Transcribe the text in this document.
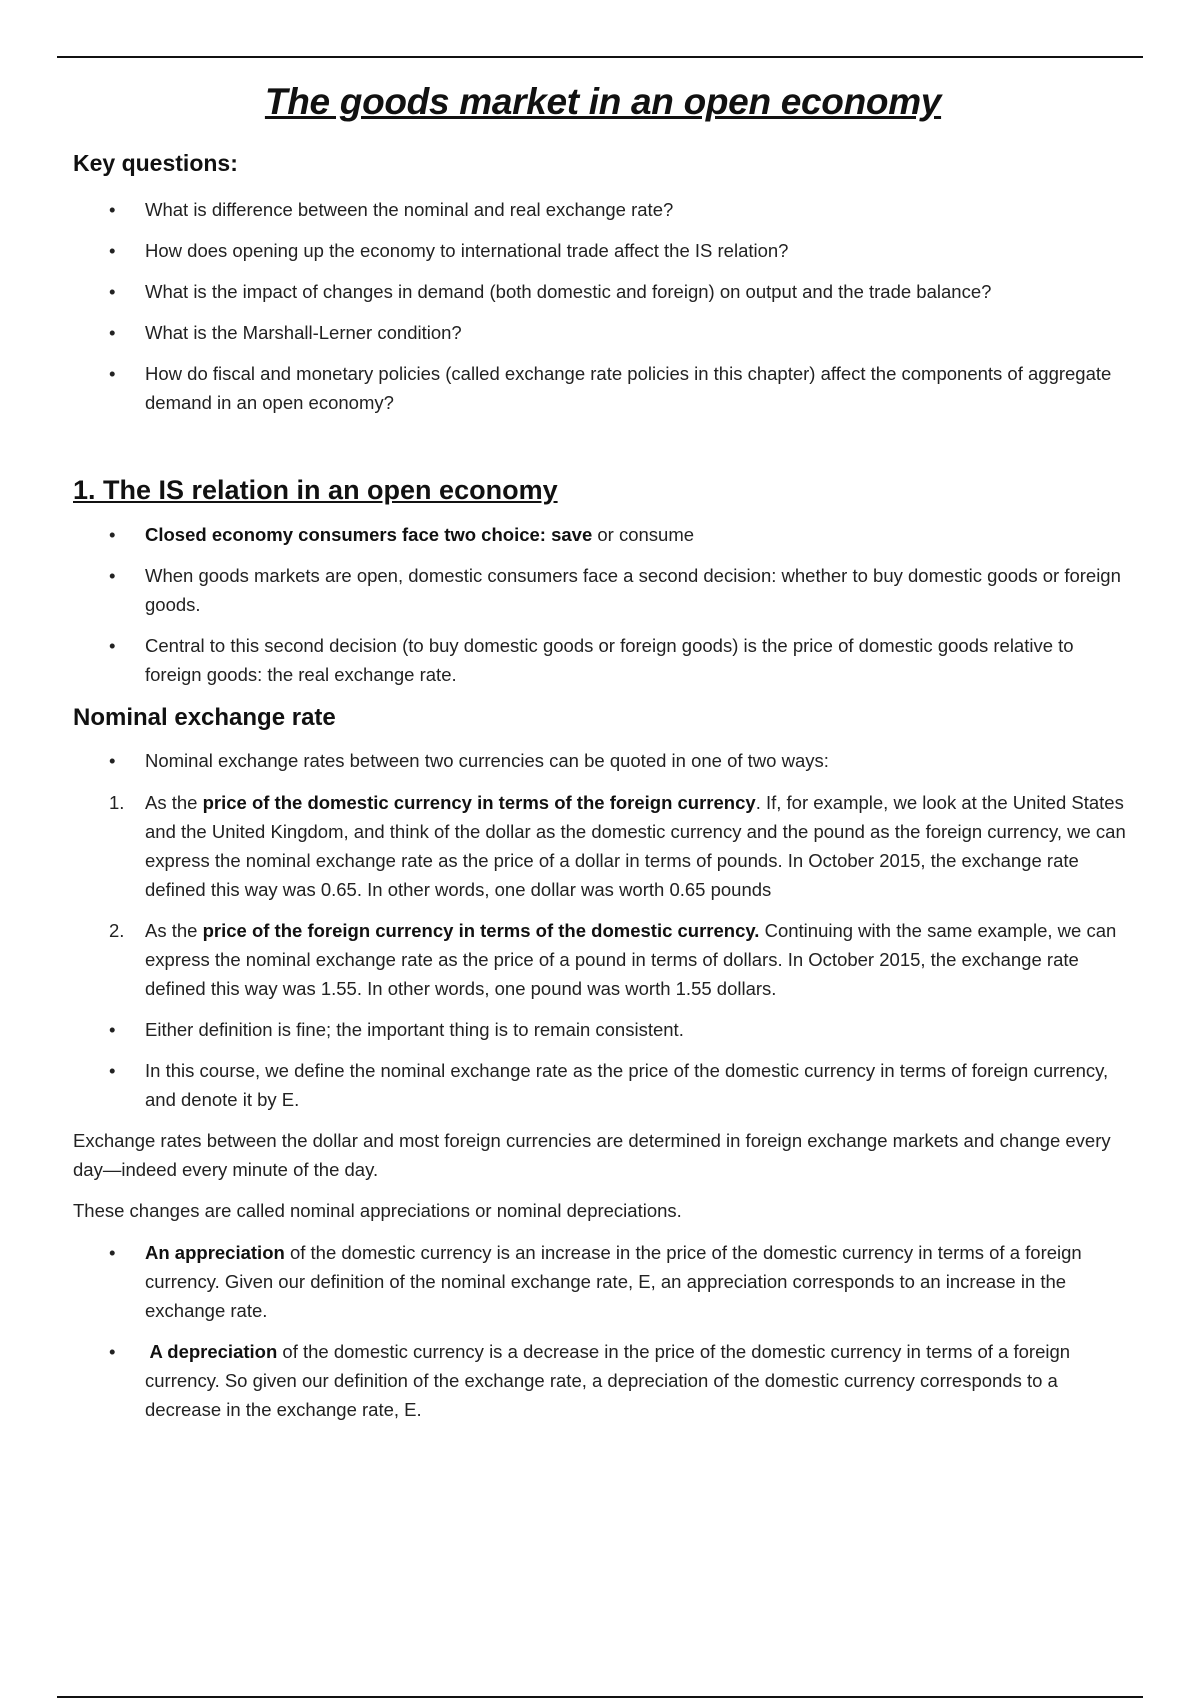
The goods market in an open economy
Key questions:
• What is difference between the nominal and real exchange rate?
• How does opening up the economy to international trade affect the IS relation?
• What is the impact of changes in demand (both domestic and foreign) on output and the trade balance?
• What is the Marshall-Lerner condition?
• How do fiscal and monetary policies (called exchange rate policies in this chapter) affect the components of aggregate demand in an open economy?
1. The IS relation in an open economy
• Closed economy consumers face two choice: save or consume
• When goods markets are open, domestic consumers face a second decision: whether to buy domestic goods or foreign goods.
• Central to this second decision (to buy domestic goods or foreign goods) is the price of domestic goods relative to foreign goods: the real exchange rate.
Nominal exchange rate
• Nominal exchange rates between two currencies can be quoted in one of two ways:
1. As the price of the domestic currency in terms of the foreign currency. If, for example, we look at the United States and the United Kingdom, and think of the dollar as the domestic currency and the pound as the foreign currency, we can express the nominal exchange rate as the price of a dollar in terms of pounds. In October 2015, the exchange rate defined this way was 0.65. In other words, one dollar was worth 0.65 pounds
2. As the price of the foreign currency in terms of the domestic currency. Continuing with the same example, we can express the nominal exchange rate as the price of a pound in terms of dollars. In October 2015, the exchange rate defined this way was 1.55. In other words, one pound was worth 1.55 dollars.
• Either definition is fine; the important thing is to remain consistent.
• In this course, we define the nominal exchange rate as the price of the domestic currency in terms of foreign currency, and denote it by E.

Exchange rates between the dollar and most foreign currencies are determined in foreign exchange markets and change every day—indeed every minute of the day.

These changes are called nominal appreciations or nominal depreciations.

• An appreciation of the domestic currency is an increase in the price of the domestic currency in terms of a foreign currency. Given our definition of the nominal exchange rate, E, an appreciation corresponds to an increase in the exchange rate.
• A depreciation of the domestic currency is a decrease in the price of the domestic currency in terms of a foreign currency. So given our definition of the exchange rate, a depreciation of the domestic currency corresponds to a decrease in the exchange rate, E.
